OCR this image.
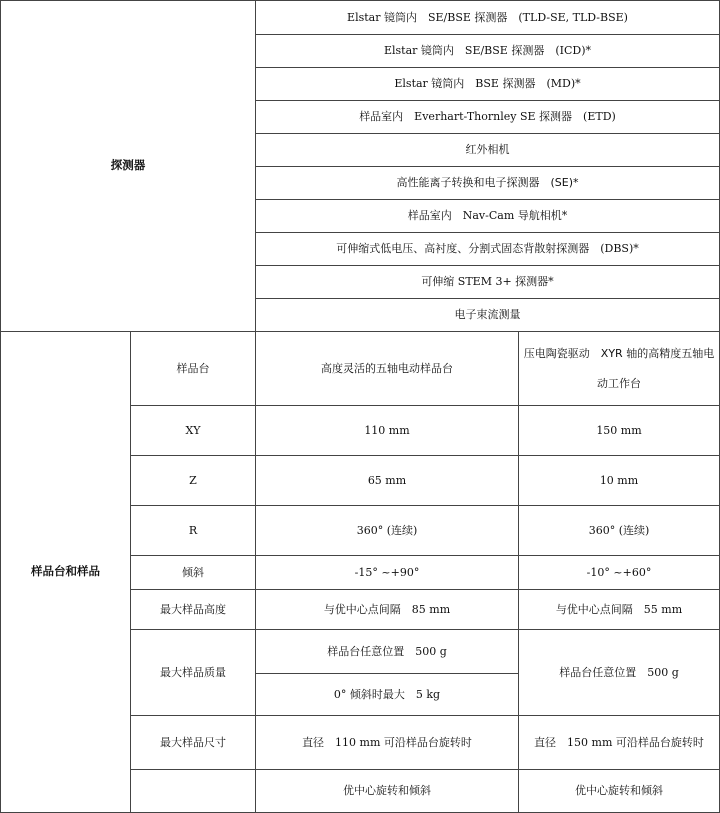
探测器		Elstar 镜筒内　SE/BSE 探测器　(TLD-SE, TLD-BSE)	
		Elstar 镜筒内　SE/BSE 探测器　(ICD)*	
		Elstar 镜筒内　BSE 探测器　(MD)*	
		样品室内　Everhart-Thornley SE 探测器　(ETD)	
		红外相机	
		高性能离子转换和电子探测器　(SE)*	
		样品室内　Nav-Cam 导航相机*	
		可伸缩式低电压、高衬度、分割式固态背散射探测器　(DBS)*	
		可伸缩 STEM 3+ 探测器*	
		电子束流测量	
样品台和样品	样品台	高度灵活的五轴电动样品台	压电陶瓷驱动　XYR 轴的高精度五轴电动工作台
	XY	110 mm	150 mm
	Z	65 mm	10 mm
	R	360° (连续)	360° (连续)
	倾斜	-15° ~+90°	-10° ~+60°
	最大样品高度	与优中心点间隔　85 mm	与优中心点间隔　55 mm
	最大样品质量	样品台任意位置　500 g	样品台任意位置　500 g
		0° 倾斜时最大　5 kg	
	最大样品尺寸	直径　110 mm 可沿样品台旋转时	直径　150 mm 可沿样品台旋转时
		优中心旋转和倾斜	优中心旋转和倾斜
